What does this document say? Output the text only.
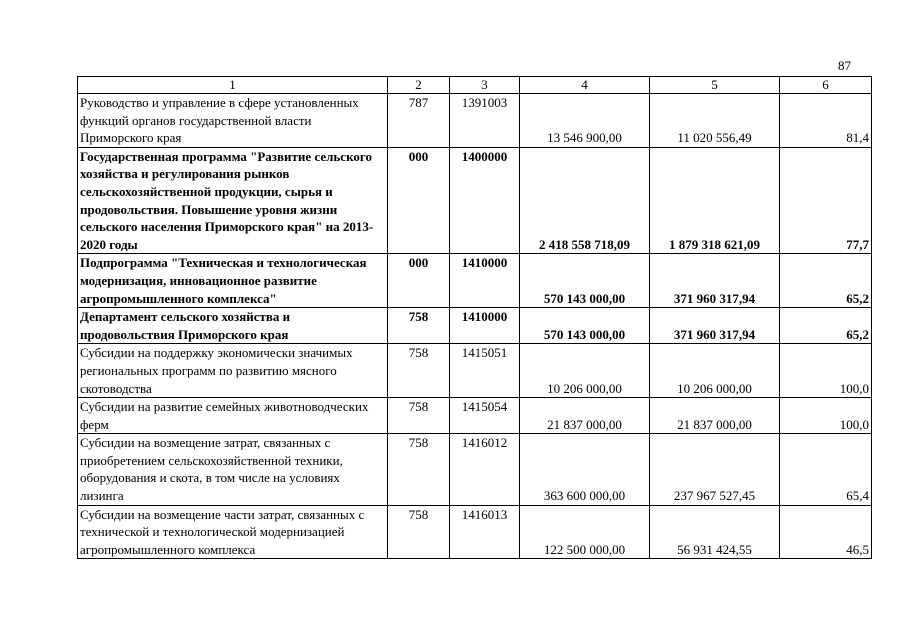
87
1	2	3	4	5	6
Руководство и управление в сфере установленных функций органов государственной власти Приморского края	787	1391003	13 546 900,00	11 020 556,49	81,4
Государственная программа "Развитие сельского хозяйства и регулирования рынков сельскохозяйственной продукции, сырья и продовольствия. Повышение уровня жизни сельского населения Приморского края" на 2013-2020 годы	000	1400000	2 418 558 718,09	1 879 318 621,09	77,7
Подпрограмма "Техническая и технологическая модернизация, инновационное развитие агропромышленного комплекса"	000	1410000	570 143 000,00	371 960 317,94	65,2
Департамент сельского хозяйства и продовольствия Приморского края	758	1410000	570 143 000,00	371 960 317,94	65,2
Субсидии на поддержку экономически значимых региональных программ по развитию мясного скотоводства	758	1415051	10 206 000,00	10 206 000,00	100,0
Субсидии на развитие семейных животноводческих ферм	758	1415054	21 837 000,00	21 837 000,00	100,0
Субсидии на возмещение затрат, связанных с приобретением сельскохозяйственной техники, оборудования и скота, в том числе на условиях лизинга	758	1416012	363 600 000,00	237 967 527,45	65,4
Субсидии на возмещение части затрат, связанных с технической и технологической модернизацией агропромышленного комплекса	758	1416013	122 500 000,00	56 931 424,55	46,5
